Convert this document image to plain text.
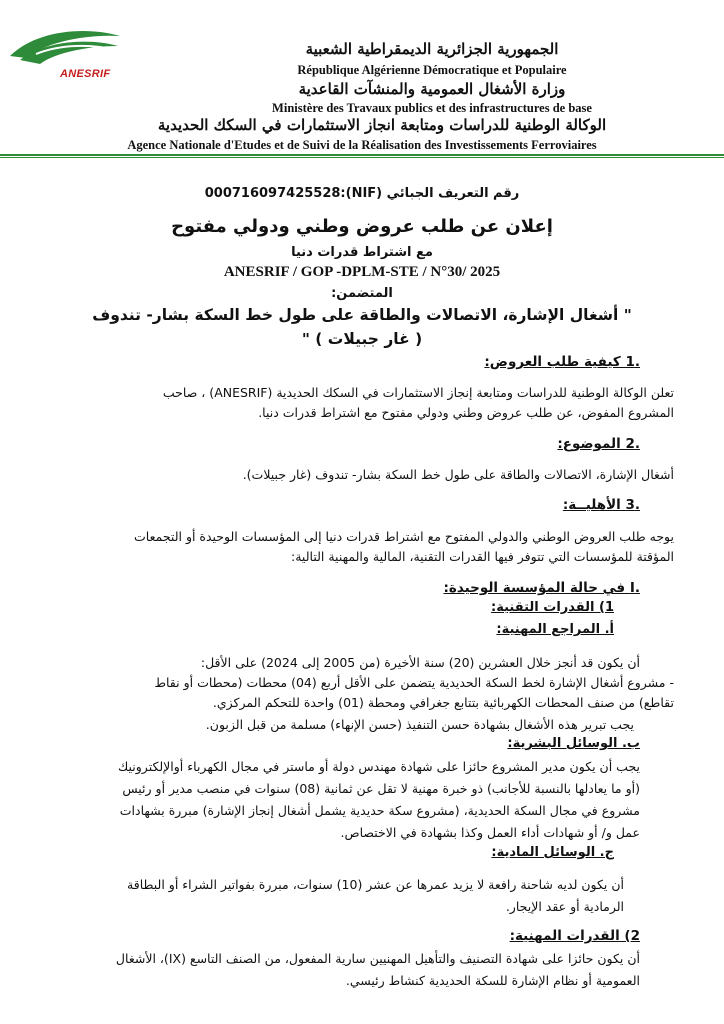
ANESRIF
الجمهورية الجزائرية الديمقراطية الشعبية
République Algérienne Démocratique et Populaire
وزارة الأشغال العمومية والمنشآت القاعدية
Ministère des Travaux publics et des infrastructures de base
الوكالة الوطنية للدراسات ومتابعة انجاز الاستثمارات في السكك الحديدية
Agence Nationale d'Etudes et de Suivi de la Réalisation des Investissements Ferroviaires
رقم التعريف الجبائي (NIF):000716097425528
إعلان عن طلب عروض وطني ودولي مفتوح
مع اشتراط قدرات دنيا
ANESRIF / GOP -DPLM-STE / N°30/ 2025
المتضمن:
" أشغال الإشارة، الاتصالات والطاقة على طول خط السكة بشار- تندوف
( غار جبيلات ) "
.1 كيفية طلب العروض:
تعلن الوكالة الوطنية للدراسات ومتابعة إنجاز الاستثمارات في السكك الحديدية (ANESRIF) ، صاحب
المشروع المفوض، عن طلب عروض وطني ودولي مفتوح مع اشتراط قدرات دنيا.
.2 الموضوع:
أشغال الإشارة، الاتصالات والطاقة على طول خط السكة بشار- تندوف (غار جبيلات).
.3 الأهليــة:
يوجه طلب العروض الوطني والدولي المفتوح مع اشتراط قدرات دنيا إلى المؤسسات الوحيدة أو التجمعات
المؤقتة للمؤسسات التي تتوفر فيها القدرات التقنية، المالية والمهنية التالية:
.I في حالة المؤسسة الوحيدة:
1) القدرات التقنية:
أ. المراجع المهنية:
أن يكون قد أنجز خلال العشرين (20) سنة الأخيرة (من 2005 إلى 2024) على الأقل:
- مشروع أشغال الإشارة لخط السكة الحديدية يتضمن على الأقل أربع (04) محطات (محطات أو نقاط
تقاطع) من صنف المحطات الكهربائية بتتابع جغرافي ومحطة (01) واحدة للتحكم المركزي.
يجب تبرير هذه الأشغال بشهادة حسن التنفيذ (حسن الإنهاء) مسلمة من قبل الزبون.
ب. الوسائل البشرية:
يجب أن يكون مدير المشروع حائزا على شهادة مهندس دولة أو ماستر في مجال الكهرباء أوالإلكترونيك
(أو ما يعادلها بالنسبة للأجانب) ذو خبرة مهنية لا تقل عن ثمانية (08) سنوات في منصب مدير أو رئيس
مشروع في مجال السكة الحديدية، (مشروع سكة حديدية يشمل أشغال إنجاز الإشارة) مبررة بشهادات
عمل و/ أو شهادات أداء العمل وكذا بشهادة في الاختصاص.
ج. الوسائل المادية:
أن يكون لديه شاحنة رافعة لا يزيد عمرها عن عشر (10) سنوات، مبررة بفواتير الشراء أو البطاقة
الرمادية أو عقد الإيجار.
2) القدرات المهنية:
أن يكون حائزا على شهادة التصنيف والتأهيل المهنيين سارية المفعول، من الصنف التاسع (IX)، الأشغال
العمومية أو نظام الإشارة للسكة الحديدية كنشاط رئيسي.
